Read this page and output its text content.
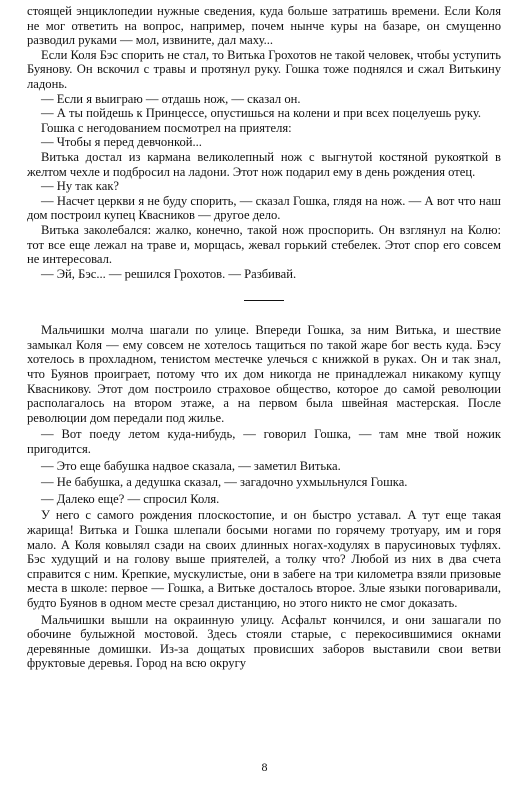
стоящей энциклопедии нужные сведения, куда больше затратишь времени. Если Коля не мог ответить на вопрос, например, почем нынче куры на базаре, он смущенно разводил руками — мол, извините, дал маху...

Если Коля Бэс спорить не стал, то Витька Грохотов не такой человек, чтобы уступить Буянову. Он вскочил с травы и протянул руку. Гошка тоже поднялся и сжал Витькину ладонь.

— Если я выиграю — отдашь нож, — сказал он.

— А ты пойдешь к Принцессе, опустишься на колени и при всех поцелуешь руку.

Гошка с негодованием посмотрел на приятеля:

— Чтобы я перед девчонкой...

Витька достал из кармана великолепный нож с выгнутой костяной рукояткой в желтом чехле и подбросил на ладони. Этот нож подарил ему в день рождения отец.

— Ну так как?

— Насчет церкви я не буду спорить, — сказал Гошка, глядя на нож. — А вот что наш дом построил купец Квасников — другое дело.

Витька заколебался: жалко, конечно, такой нож проспорить. Он взглянул на Колю: тот все еще лежал на траве и, морщась, жевал горький стебелек. Этот спор его совсем не интересовал.

— Эй, Бэс... — решился Грохотов. — Разбивай.

Мальчишки молча шагали по улице. Впереди Гошка, за ним Витька, и шествие замыкал Коля — ему совсем не хотелось тащиться по такой жаре бог весть куда. Бэсу хотелось в прохладном, тенистом местечке улечься с книжкой в руках. Он и так знал, что Буянов проиграет, потому что их дом никогда не принадлежал никакому купцу Квасникову. Этот дом построило страховое общество, которое до самой революции располагалось на втором этаже, а на первом была швейная мастерская. После революции дом передали под жилье.

— Вот поеду летом куда-нибудь, — говорил Гошка, — там мне твой ножик пригодится.

— Это еще бабушка надвое сказала, — заметил Витька.

— Не бабушка, а дедушка сказал, — загадочно ухмыльнулся Гошка.

— Далеко еще? — спросил Коля.

У него с самого рождения плоскостопие, и он быстро уставал. А тут еще такая жарища! Витька и Гошка шлепали босыми ногами по горячему тротуару, им и горя мало. А Коля ковылял сзади на своих длинных ногах-ходулях в парусиновых туфлях. Бэс худущий и на голову выше приятелей, а толку что? Любой из них в два счета справится с ним. Крепкие, мускулистые, они в забеге на три километра взяли призовые места в школе: первое — Гошка, а Витьке досталось второе. Злые языки поговаривали, будто Буянов в одном месте срезал дистанцию, но этого никто не смог доказать.

Мальчишки вышли на окраинную улицу. Асфальт кончился, и они зашагали по обочине булыжной мостовой. Здесь стояли старые, с перекосившимися окнами деревянные домишки. Из-за дощатых провисших заборов выставили свои ветви фруктовые деревья. Город на всю округу

8
